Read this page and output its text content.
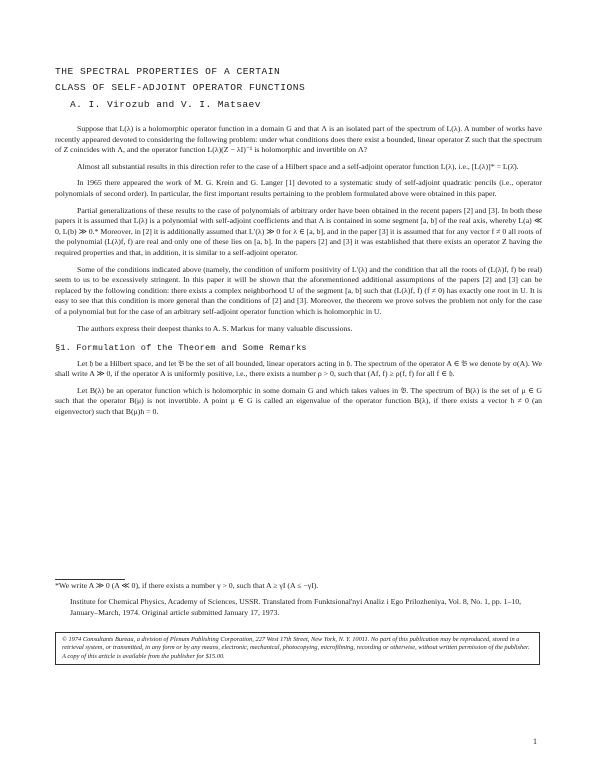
THE SPECTRAL PROPERTIES OF A CERTAIN
CLASS OF SELF-ADJOINT OPERATOR FUNCTIONS
A. I. Virozub and V. I. Matsaev

Suppose that L(λ) is a holomorphic operator function in a domain G and that Λ is an isolated part of the spectrum of L(λ). A number of works have recently appeared devoted to considering the following problem: under what conditions does there exist a bounded, linear operator Z such that the spectrum of Z coincides with Λ, and the operator function L(λ)(Z − λI)⁻¹ is holomorphic and invertible on Λ?

Almost all substantial results in this direction refer to the case of a Hilbert space and a self-adjoint operator function L(λ), i.e., [L(λ)]* = L(λ̄).

In 1965 there appeared the work of M. G. Krein and G. Langer [1] devoted to a systematic study of self-adjoint quadratic pencils (i.e., operator polynomials of second order). In particular, the first important results pertaining to the problem formulated above were obtained in this paper.

Partial generalizations of these results to the case of polynomials of arbitrary order have been obtained in the recent papers [2] and [3]. In both these papers it is assumed that L(λ) is a polynomial with self-adjoint coefficients and that Λ is contained in some segment [a, b] of the real axis, whereby L(a) ≪ 0, L(b) ≫ 0.* Moreover, in [2] it is additionally assumed that L′(λ) ≫ 0 for λ ∈ [a, b], and in the paper [3] it is assumed that for any vector f ≠ 0 all roots of the polynomial (L(λ)f, f) are real and only one of these lies on [a, b]. In the papers [2] and [3] it was established that there exists an operator Z having the required properties and that, in addition, it is similar to a self-adjoint operator.

Some of the conditions indicated above (namely, the condition of uniform positivity of L′(λ) and the condition that all the roots of (L(λ)f, f) be real) seem to us to be excessively stringent. In this paper it will be shown that the aforementioned additional assumptions of the papers [2] and [3] can be replaced by the following condition: there exists a complex neighborhood U of the segment [a, b] such that (L(λ)f, f) (f ≠ 0) has exactly one root in U. It is easy to see that this condition is more general than the conditions of [2] and [3]. Moreover, the theorem we prove solves the problem not only for the case of a polynomial but for the case of an arbitrary self-adjoint operator function which is holomorphic in U.

The authors express their deepest thanks to A. S. Markus for many valuable discussions.

§1. Formulation of the Theorem and Some Remarks

Let 𝔥 be a Hilbert space, and let 𝔅 be the set of all bounded, linear operators acting in 𝔥. The spectrum of the operator A ∈ 𝔅 we denote by σ(A). We shall write A ≫ 0, if the operator A is uniformly positive, i.e., there exists a number ρ > 0, such that (Af, f) ≥ ρ(f, f) for all f ∈ 𝔥.

Let B(λ) be an operator function which is holomorphic in some domain G and which takes values in 𝔅. The spectrum of B(λ) is the set of μ ∈ G such that the operator B(μ) is not invertible. A point μ ∈ G is called an eigenvalue of the operator function B(λ), if there exists a vector h ≠ 0 (an eigenvector) such that B(μ)h = 0.

*We write A ≫ 0 (A ≪ 0), if there exists a number γ > 0, such that A ≥ γI (A ≤ −γI).
Institute for Chemical Physics, Academy of Sciences, USSR. Translated from Funktsional'nyi Analiz i Ego Prilozheniya, Vol. 8, No. 1, pp. 1–10, January–March, 1974. Original article submitted January 17, 1973.
© 1974 Consultants Bureau, a division of Plenum Publishing Corporation, 227 West 17th Street, New York, N. Y. 10011. No part of this publication may be reproduced, stored in a retrieval system, or transmitted, in any form or by any means, electronic, mechanical, photocopying, microfilming, recording or otherwise, without written permission of the publisher. A copy of this article is available from the publisher for $15.00.
1
